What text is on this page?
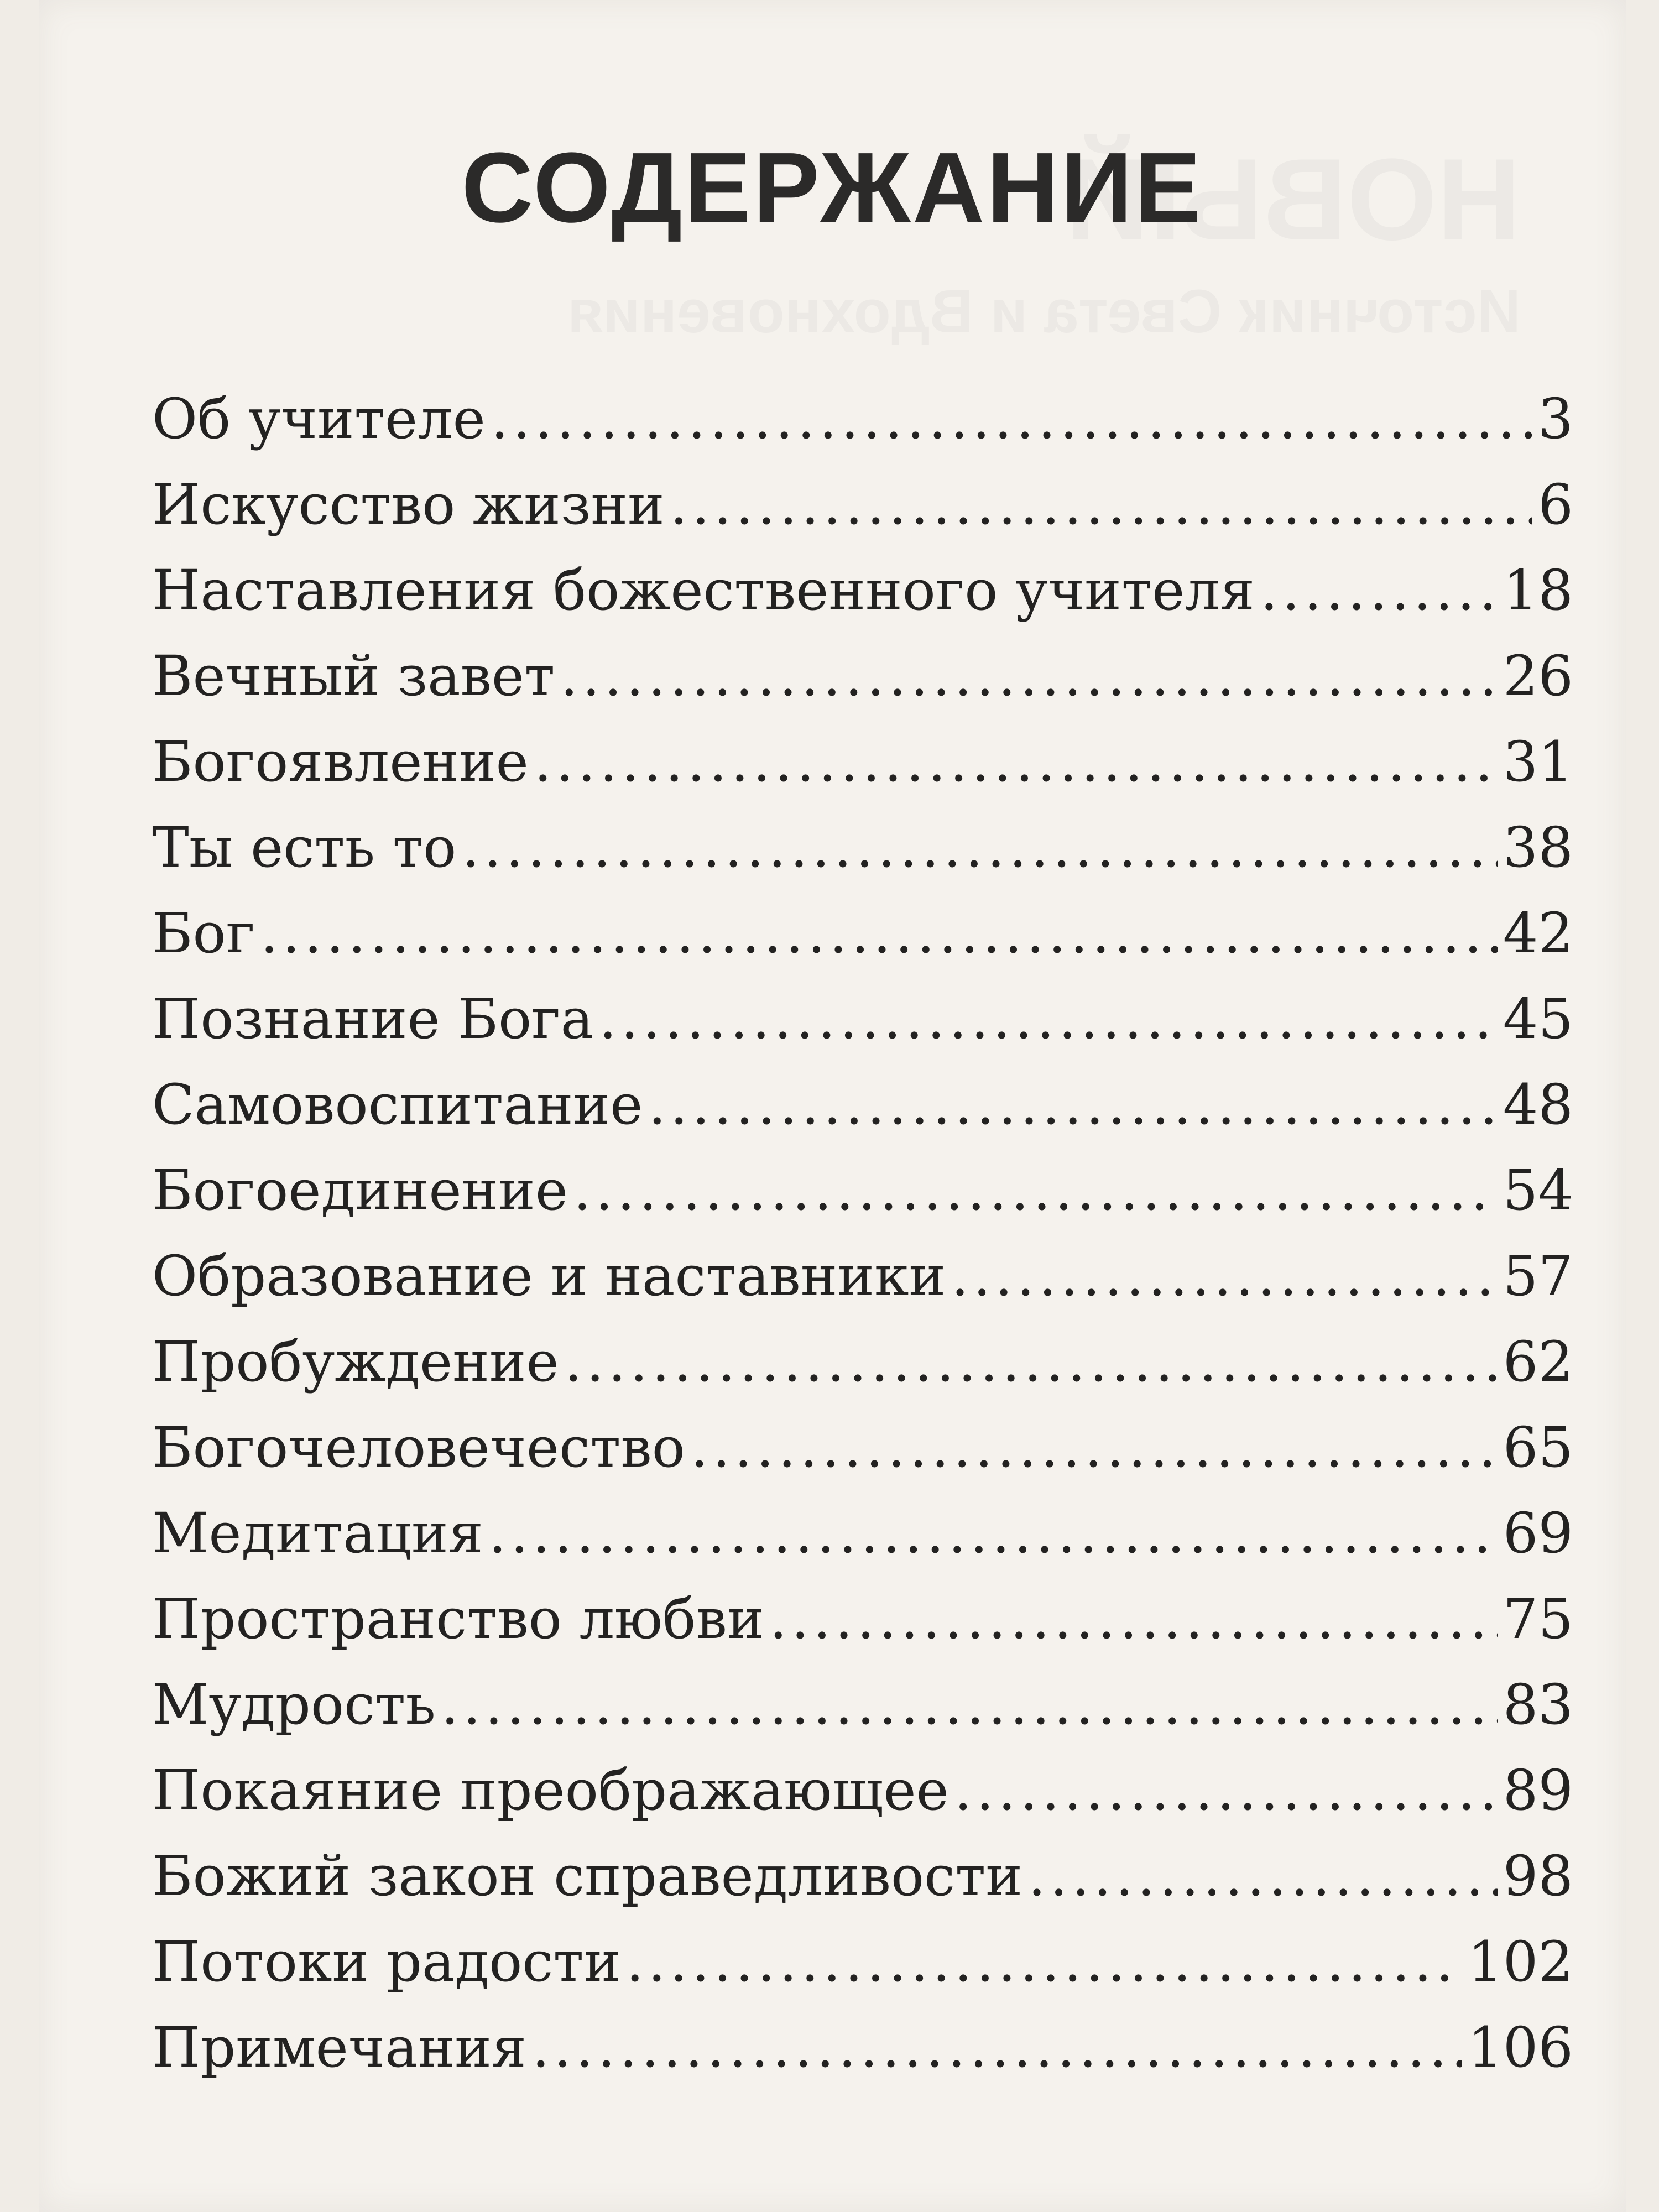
НОВЫЙ
Источник Света и Вдохновения
СОДЕРЖАНИЕ
Об учителе . . .	3
Искусство жизни . . .	6
Наставления божественного учителя . . .	18
Вечный завет . . .	26
Богоявление . . .	31
Ты есть то . . .	38
Бог . . .	42
Познание Бога . . .	45
Самовоспитание . . .	48
Богоединение . . .	54
Образование и наставники . . .	57
Пробуждение . . .	62
Богочеловечество . . .	65
Медитация . . .	69
Пространство любви . . .	75
Мудрость . . .	83
Покаяние преображающее . . .	89
Божий закон справедливости . . .	98
Потоки радости . . .	102
Примечания . . .	106
